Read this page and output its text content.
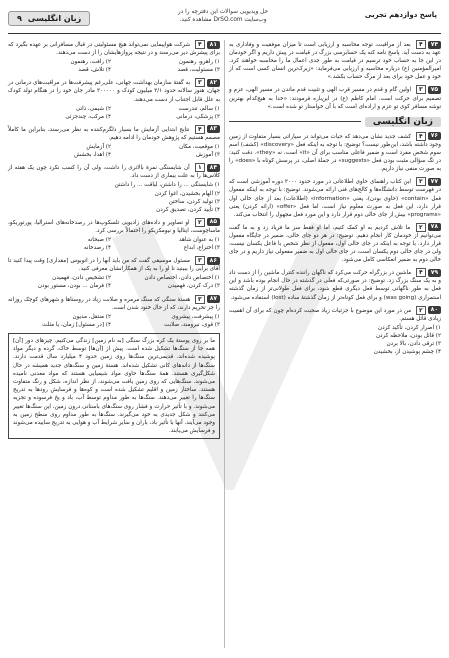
پاسخ دوازدهم تجربی
حل ویدیویی سوالات این دفترچه را در
وب‌سایت DrSO.com مشاهده کنید.
زبان انگلیسی
۹
۷۴
۴
بعد از مراقبت، توجه محاسبه و ارزیابی است تا میزان موفقیت و وفاداری به عهد به دست آید. پاسخ نامه کنه یک حسابرسی بزرگ در قیامت در پیش داریم و اگر خودمان در این جا به حساب خود ترسیم در قیامت به طور جدی اعمال ما را محاسبه خواهند کرد. امیرالمؤمنین (ع) درباره محاسبه و ارزیابی می‌فرماید: «زیرک‌ترین انسان کسی است که از خود و عمل خود برای بعد از مرگ حساب بکشد.»
۷۵
۳
اولین گام و قدم در مسیر قرب الهی و تثبیت قدم ماندن در مسیر الهی، عزم و تصمیم برای حرکت است. امام کاظم (ع) در این‌باره فرمودند: «خدا به هیچ‌کدام بهترین توشه مسافر کوی تو عزم و اراده‌ای است که با آن خواستار تو شده است.»
زبان انگلیسی
۷۶
۴
کشف جدید نشان می‌دهد که حیات می‌تواند در سیاراتی بسیار متفاوت از زمین وجود داشته باشد، این‌طور نیست؟ توضیح: با توجه به اینکه فعل «discovery» (کشف) اسم سوم شخص مفرد است و ضمیر فاعلی مناسب برای آن «it» است، نه «they». دقت کنید: در تگ سؤالی مثبت بودن فعل «suggests» در جملهٔ اصلی، در پرسش کوتاه با «does» را به صورت منفی نیاز داریم.
۷۷
۲
این کتاب راهنمای حاوی اطلاعاتی در مورد حدود ۳۰۰۰ دوره آموزشی است که در فهرست توسط دانشگاه‌ها و کالج‌های فنی ارائه می‌شوند. توضیح: با توجه به اینکه مفعول فعل «contain» (حاوی بودن)، یعنی «information» (اطلاعات) بعد از جای خالی اول قرار دارد، این فعل به صورت معلوم نیاز است، اما فعل «offer» (ارائه کردن) یعنی «programs» بیش از جای خالی دوم قرار دارد و این مورد فعل مجهول را انتخاب می‌کند.
۷۸
۲
ما تلاش کردیم به او کمک کنیم، اما او فقط سر ما فریاد زد و به ما گفت می‌توانیم از خودمان کار انجام دهیم. توضیح: در هر دو جای خالی، ضمیر در جایگاه مفعول قرار دارد. با توجه به اینکه در جای خالی اول، مفعول از نظر شخص با فاعل یکسان نیست، ولی در جای خالی دوم یکسان است، در جای خالی اول به ضمیر مفعولی نیاز داریم و در جای خالی دوم به ضمیر انعکاسی کامل می‌شود.
۷۹
۴
ماشین در بزرگراه حرکت می‌کرد که ناگهان راننده کنترل ماشین را از دست داد و به یک سنگ بزرگ زد. توضیح: در صورتی‌که فعلی در گذشته در حال انجام بوده باشد و این فعل به طور ناگهانی توسط فعل دیگری قطع شود، برای فعل طولانی‌تر از زمان گذشته استمراری (was going) و برای فعل کوتاه‌تر از زمان گذشتهٔ ساده (lost) استفاده می‌شود.
۸۰
۲
من در مورد این موضوع با جزئیات زیاد صحبت کرده‌ام چون که برای آن اهمیت زیادی قائل هستم.
۱) اصرار کردن، تأکید کردن
۲) قائل بودن، ملاحظه کردن
۳) ترقی دادن، بالا بردن
۴) چشم پوشیدن از، بخشیدن
۸۱
۴
شرکت هواپیمایی نمی‌تواند هیچ مسئولیتی در قبال مسافرانی بر عهده بگیرد که برای پیشرش دیر می‌رسند و در نتیجه پروازهایشان را از دست می‌دهند.
۱) راهرو، رهنمون
۲) رافت، رهنمون
۳) مسئولیت، قصد
۴) تلاش، قصد
۸۲
۳
به گفتهٔ سازمان بهداشت جهانی، علی‌رغم پیشرفت‌ها در مراقبت‌های درمانی در جهان، هنوز سالانه حدود ۳/۱ میلیون کودک و ۳۰۰۰۰۰ مادر جان خود را در هنگام تولد کودک به علل قابل اجتناب از دست می‌دهند.
۱) سالم، تندرست
۲) شیمی، ذاتی
۳) پزشکی، درمانی
۴) مرکب، چندجزئی
۸۳
۴
نتایج ابتدایی آزمایش ما بسیار دلگرم‌کننده به نظر می‌رسند، بنابراین ما کاملاً مصمم هستیم که پژوهش خودمان را ادامه دهیم.
۱) موقعیت، مکان
۲) آزمایش
۳) آموزش
۴) اهدا، بخشش
۸۴
۱
آن شایستگی نمرهٔ بالاتری را داشت، ولی آن را کسب نکرد چون یک هفته از کلاس‌ها را به علت بیماری از دست داد.
۱) شایستگی ... را داشتن، لیاقت ... را داشتن
۲) الهام بخشیدن، اغوا کردن
۳) تولید کردن، ساختن
۴) تأیید کردن، تصدیق کردن
۸۵
۲
او تصاویر و داده‌های زادیویی تلسکوپ‌ها در رصدخانه‌های استرالیا، پورتوریکو، ماساچوست، ایتالیا و نیومکزیکو را احتمالاً بررسی کرد.
۱) به عنوان شاهد
۲) صبحانه
۳) اختراع، ابداع
۴) رصدخانه
۸۶
۳
مسئول موسیقی گفت که من باید آنها را در اتوبوس [مقدارى] وقت پیدا کنید تا آقای برایی را ببینید تا او را به یک از همکارانشان معرفی کنید.
۱) اختصاص دادن، اختصاص دادن
۲) تشخیص دادن، فهمیدن
۳) درک کردن، فهمیدن
۴) فرمان ... بودن، مستور بودن
۸۷
۳
هستهٔ سنگی که سنگ مرمره و صلابت زیاد در روستاها و شهرهای کوچک روزانه را جز تحریم دارند، که از حال خنود شدن است.
۱) پیشرفت، پیشروی
۲) منتقل، مدیون
۳) قوی، نیرومند، صلابت
۴) [در مسئول] زمان، یا مثلث
ما بر روی پوستهٔ یک کره بزرگ سنگی [به نام زمین] زندگی می‌کنیم. چیزهای دور [آن] همه جا از سنگ‌ها تشکیل شده است. پیش از [آن‌ها] توسط خاک، گرده و دیگر مواد پوشیده شده‌اند. قدیمی‌ترین سنگ‌ها روی زمین حدود ۴ میلیارد سال قدمت دارند. سنگ‌ها از دانه‌های کانی تشکیل شده‌اند. هستهٔ زمین و سنگ‌های جدید همیشه در حال شکل‌گیری هستند. همهٔ سنگ‌ها حاوی مواد شیمیایی هستند که مواد معدنی نامیده می‌شوند. سنگ‌هایی که روی زمین یافت می‌شوند، از نظر اندازه، شکل و رنگ متفاوت هستند. ساختار زمین و اقلیم تشکیل شده است و کوه‌ها و فرسایش رودها به تدریج سنگ‌ها را تغییر می‌دهند. سنگ‌ها به طور مداوم توسط آب، باد و یخ فرسوده و تجزیه می‌شوند. و با تأثیر حرارت و فشار روی سنگ‌های باستانی درون زمین، این سنگ‌ها تغییر می‌کنند و شکل جدیدی به خود می‌گیرند. سنگ‌ها به طور مداوم روی سطح زمین به وجود می‌آیند. آنها با تأثیر باد، باران و سایر شرایط آب و هوایی به تدریج ساییده می‌شوند و فرسایش می‌یابند.
